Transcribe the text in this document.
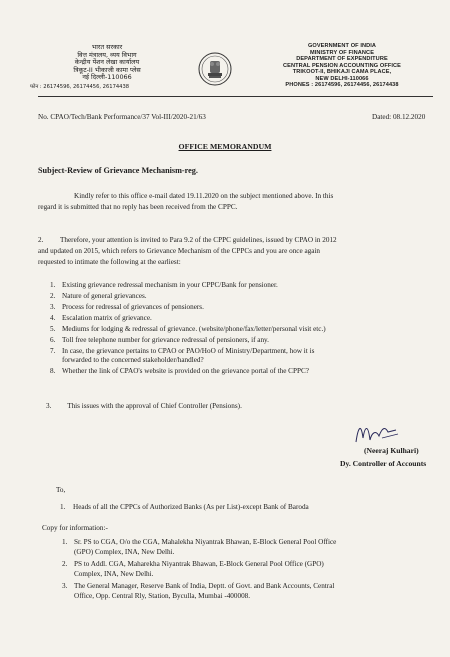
भारत सरकार
वित्त मंत्रालय, व्यय विभाग
केन्द्रीय पेंशन लेखा कार्यालय
त्रिकूट-II भीकाजी कामा प्लेस
नई दिल्ली-110066
फोन : 26174596, 26174456, 26174438
GOVERNMENT OF INDIA
MINISTRY OF FINANCE
DEPARTMENT OF EXPENDITURE
CENTRAL PENSION ACCOUNTING OFFICE
TRIKOOT-II, BHIKAJI CAMA PLACE,
NEW DELHI-110066
PHONES : 26174596, 26174456, 26174438
No. CPAO/Tech/Bank Performance/37 Vol-III/2020-21/63	Dated: 08.12.2020
OFFICE MEMORANDUM
Subject-Review of Grievance Mechanism-reg.
Kindly refer to this office e-mail dated 19.11.2020 on the subject mentioned above. In this
regard it is submitted that no reply has been received from the CPPC.
2.	Therefore, your attention is invited to Para 9.2 of the CPPC guidelines, issued by CPAO in 2012
and updated on 2015, which refers to Grievance Mechanism of the CPPCs and you are once again
requested to intimate the following at the earliest:
1. Existing grievance redressal mechanism in your CPPC/Bank for pensioner.
2. Nature of general grievances.
3. Process for redressal of grievances of pensioners.
4. Escalation matrix of grievance.
5. Mediums for lodging & redressal of grievance. (website/phone/fax/letter/personal visit etc.)
6. Toll free telephone number for grievance redressal of pensioners, if any.
7. In case, the grievance pertains to CPAO or PAO/HoO of Ministry/Department, how it is
forwarded to the concerned stakeholder/handled?
8. Whether the link of CPAO's website is provided on the grievance portal of the CPPC?
3. This issues with the approval of Chief Controller (Pensions).
(Neeraj Kulhari)
Dy. Controller of Accounts
To,
1. Heads of all the CPPCs of Authorized Banks (As per List)-except Bank of Baroda
Copy for information:-
1. Sr. PS to CGA, O/o the CGA, Mahalekha Niyantrak Bhawan, E-Block General Pool Office
(GPO) Complex, INA, New Delhi.
2. PS to Addl. CGA, Maharekha Niyantrak Bhawan, E-Block General Pool Office (GPO)
Complex, INA, New Delhi.
3. The General Manager, Reserve Bank of India, Deptt. of Govt. and Bank Accounts, Central
Office, Opp. Central Rly, Station, Byculla, Mumbai -400008.
